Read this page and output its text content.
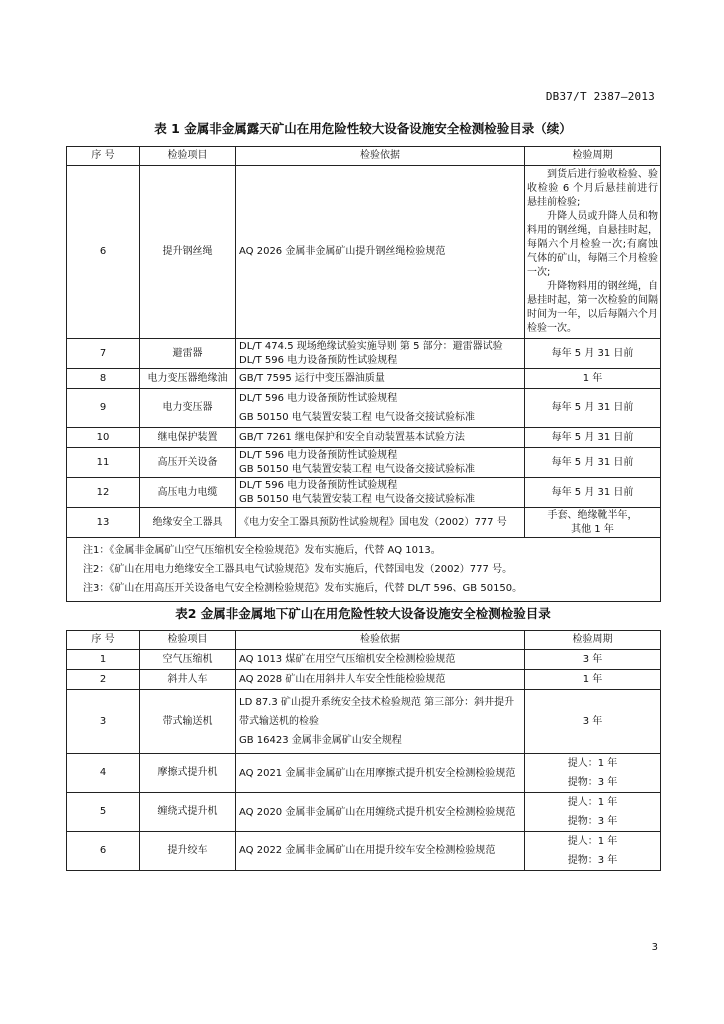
DB37/T 2387—2013
表 1 金属非金属露天矿山在用危险性较大设备设施安全检测检验目录（续）
序 号	检验项目	检验依据	检验周期
6	提升钢丝绳	AQ 2026 金属非金属矿山提升钢丝绳检验规范	到货后进行验收检验、验收检验 6 个月后悬挂前进行悬挂前检验;
升降人员或升降人员和物料用的钢丝绳，自悬挂时起，每隔六个月检验一次;有腐蚀气体的矿山，每隔三个月检验一次;
升降物料用的钢丝绳，自悬挂时起，第一次检验的间隔时间为一年，以后每隔六个月检验一次。

7	避雷器	DL/T 474.5 现场绝缘试验实施导则 第 5 部分：避雷器试验
DL/T 596 电力设备预防性试验规程	每年 5 月 31 日前
8	电力变压器绝缘油	GB/T 7595 运行中变压器油质量	1 年
9	电力变压器	DL/T 596 电力设备预防性试验规程
GB 50150 电气装置安装工程 电气设备交接试验标准	每年 5 月 31 日前
10	继电保护装置	GB/T 7261 继电保护和安全自动装置基本试验方法	每年 5 月 31 日前
11	高压开关设备	DL/T 596 电力设备预防性试验规程
GB 50150 电气装置安装工程 电气设备交接试验标准	每年 5 月 31 日前
12	高压电力电缆	DL/T 596 电力设备预防性试验规程
GB 50150 电气装置安装工程 电气设备交接试验标准	每年 5 月 31 日前
13	绝缘安全工器具	《电力安全工器具预防性试验规程》国电发（2002）777 号	手套、绝缘靴半年，
其他 1 年

注1：《金属非金属矿山空气压缩机安全检验规范》发布实施后，代替 AQ 1013。
注2：《矿山在用电力绝缘安全工器具电气试验规范》发布实施后，代替国电发（2002）777 号。
注3：《矿山在用高压开关设备电气安全检测检验规范》发布实施后，代替 DL/T 596、GB 50150。			
表2 金属非金属地下矿山在用危险性较大设备设施安全检测检验目录
序 号	检验项目	检验依据	检验周期
1	空气压缩机	AQ 1013 煤矿在用空气压缩机安全检测检验规范	3 年
2	斜井人车	AQ 2028 矿山在用斜井人车安全性能检验规范	1 年
3	带式输送机	LD 87.3 矿山提升系统安全技术检验规范 第三部分：斜井提升带式输送机的检验
GB 16423 金属非金属矿山安全规程	3 年
4	摩擦式提升机	AQ 2021 金属非金属矿山在用摩擦式提升机安全检测检验规范	提人：1 年
提物：3 年

5	缠绕式提升机	AQ 2020 金属非金属矿山在用缠绕式提升机安全检测检验规范	提人：1 年
提物：3 年

6	提升绞车	AQ 2022 金属非金属矿山在用提升绞车安全检测检验规范	提人：1 年
提物：3 年
3
